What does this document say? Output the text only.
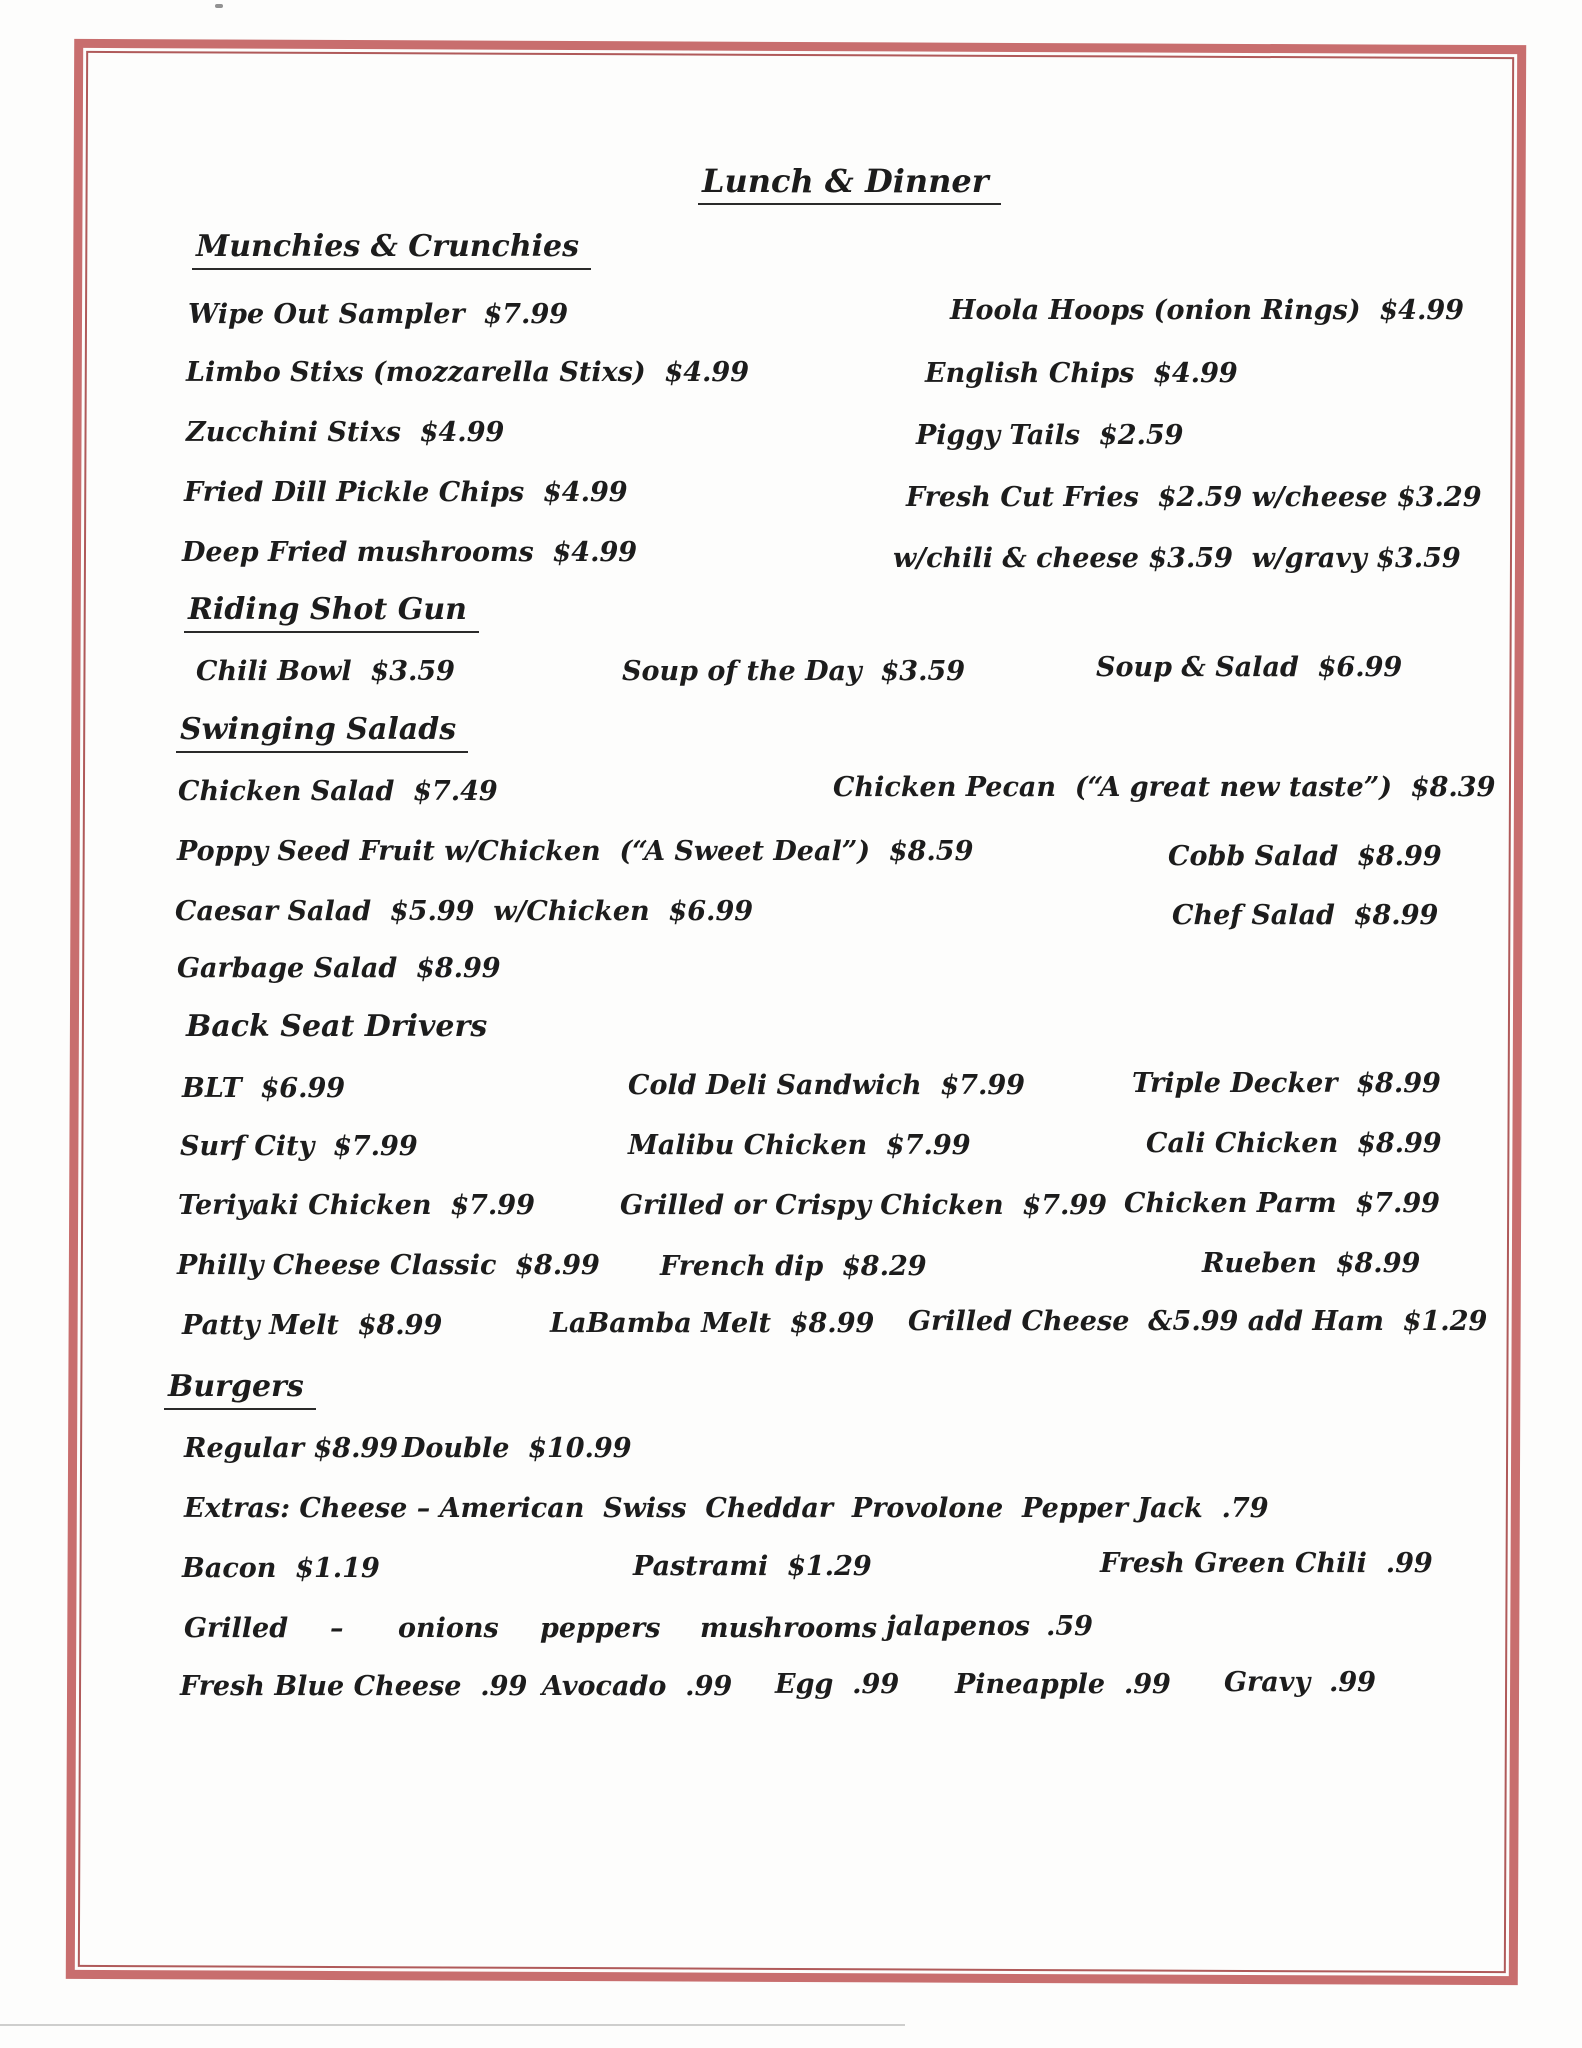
Lunch & Dinner
Munchies & Crunchies
Wipe Out Sampler  $7.99	Hoola Hoops (onion Rings)  $4.99
Limbo Stixs (mozzarella Stixs)  $4.99	English Chips  $4.99
Zucchini Stixs  $4.99	Piggy Tails  $2.59
Fried Dill Pickle Chips  $4.99	Fresh Cut Fries  $2.59 w/cheese $3.29
Deep Fried mushrooms  $4.99	w/chili & cheese $3.59  w/gravy $3.59
Riding Shot Gun
Chili Bowl  $3.59	Soup of the Day  $3.59	Soup & Salad  $6.99
Swinging Salads
Chicken Salad  $7.49	Chicken Pecan  (“A great new taste”)  $8.39
Poppy Seed Fruit w/Chicken  (“A Sweet Deal”)  $8.59	Cobb Salad  $8.99
Caesar Salad  $5.99  w/Chicken  $6.99	Chef Salad  $8.99
Garbage Salad  $8.99
Back Seat Drivers
BLT  $6.99	Cold Deli Sandwich  $7.99	Triple Decker  $8.99
Surf City  $7.99	Malibu Chicken  $7.99	Cali Chicken  $8.99
Teriyaki Chicken  $7.99	Grilled or Crispy Chicken  $7.99 Chicken Parm  $7.99
Philly Cheese Classic  $8.99 French dip  $8.29	Rueben  $8.99
Patty Melt  $8.99	LaBamba Melt  $8.99 Grilled Cheese  &5.99 add Ham  $1.29
Burgers
Regular $8.99 Double  $10.99
Extras: Cheese – American  Swiss  Cheddar  Provolone  Pepper Jack  .79
Bacon  $1.19	Pastrami  $1.29	Fresh Green Chili  .99
Grilled – onions peppers mushrooms jalapenos .59
Fresh Blue Cheese  .99 Avocado  .99 Egg  .99 Pineapple  .99 Gravy  .99
